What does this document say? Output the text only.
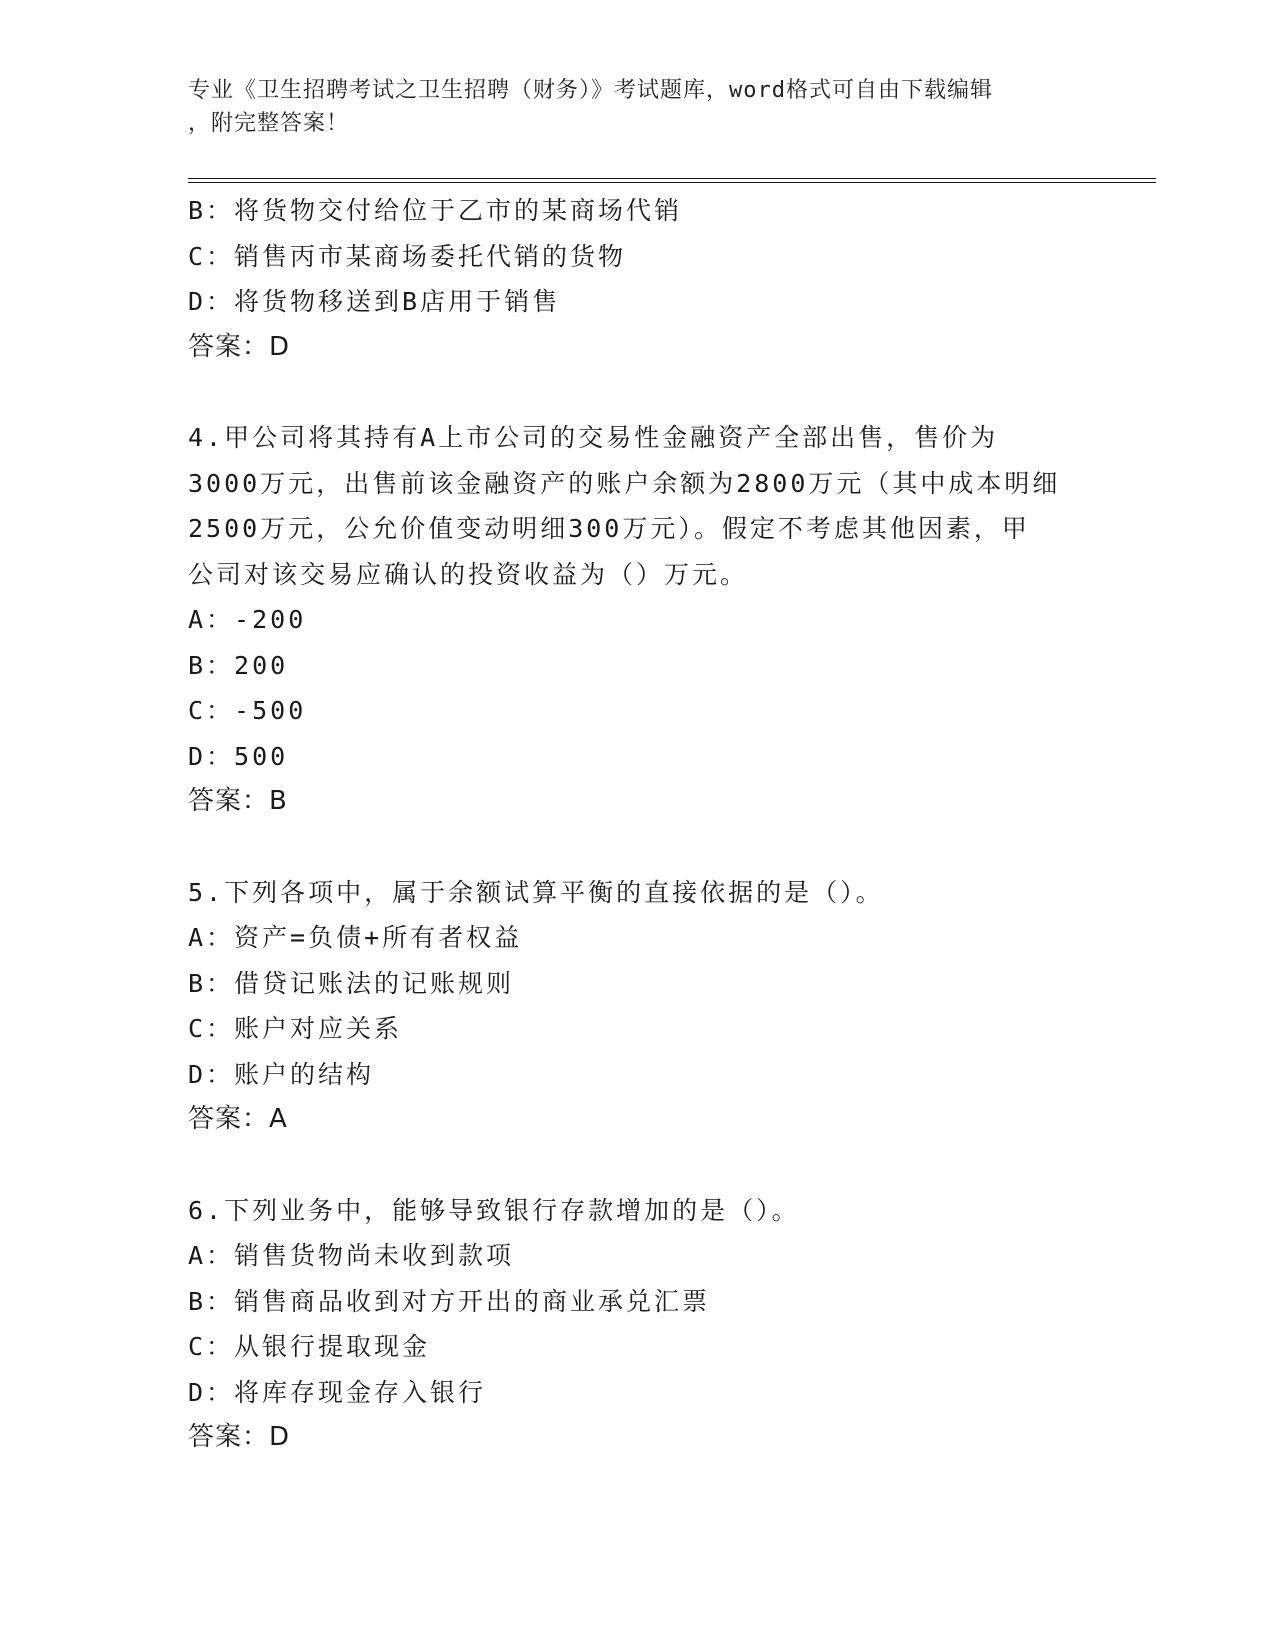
专业《卫生招聘考试之卫生招聘（财务）》考试题库，word格式可自由下载编辑
，附完整答案！
B：将货物交付给位于乙市的某商场代销
C：销售丙市某商场委托代销的货物
D：将货物移送到B店用于销售
答案：D
4.甲公司将其持有A上市公司的交易性金融资产全部出售，售价为
3000万元，出售前该金融资产的账户余额为2800万元（其中成本明细
2500万元，公允价值变动明细300万元）。假定不考虑其他因素，甲
公司对该交易应确认的投资收益为（）万元。
A：-200
B：200
C：-500
D：500
答案：B
5.下列各项中，属于余额试算平衡的直接依据的是（）。
A：资产=负债+所有者权益
B：借贷记账法的记账规则
C：账户对应关系
D：账户的结构
答案：A
6.下列业务中，能够导致银行存款增加的是（）。
A：销售货物尚未收到款项
B：销售商品收到对方开出的商业承兑汇票
C：从银行提取现金
D：将库存现金存入银行
答案：D
